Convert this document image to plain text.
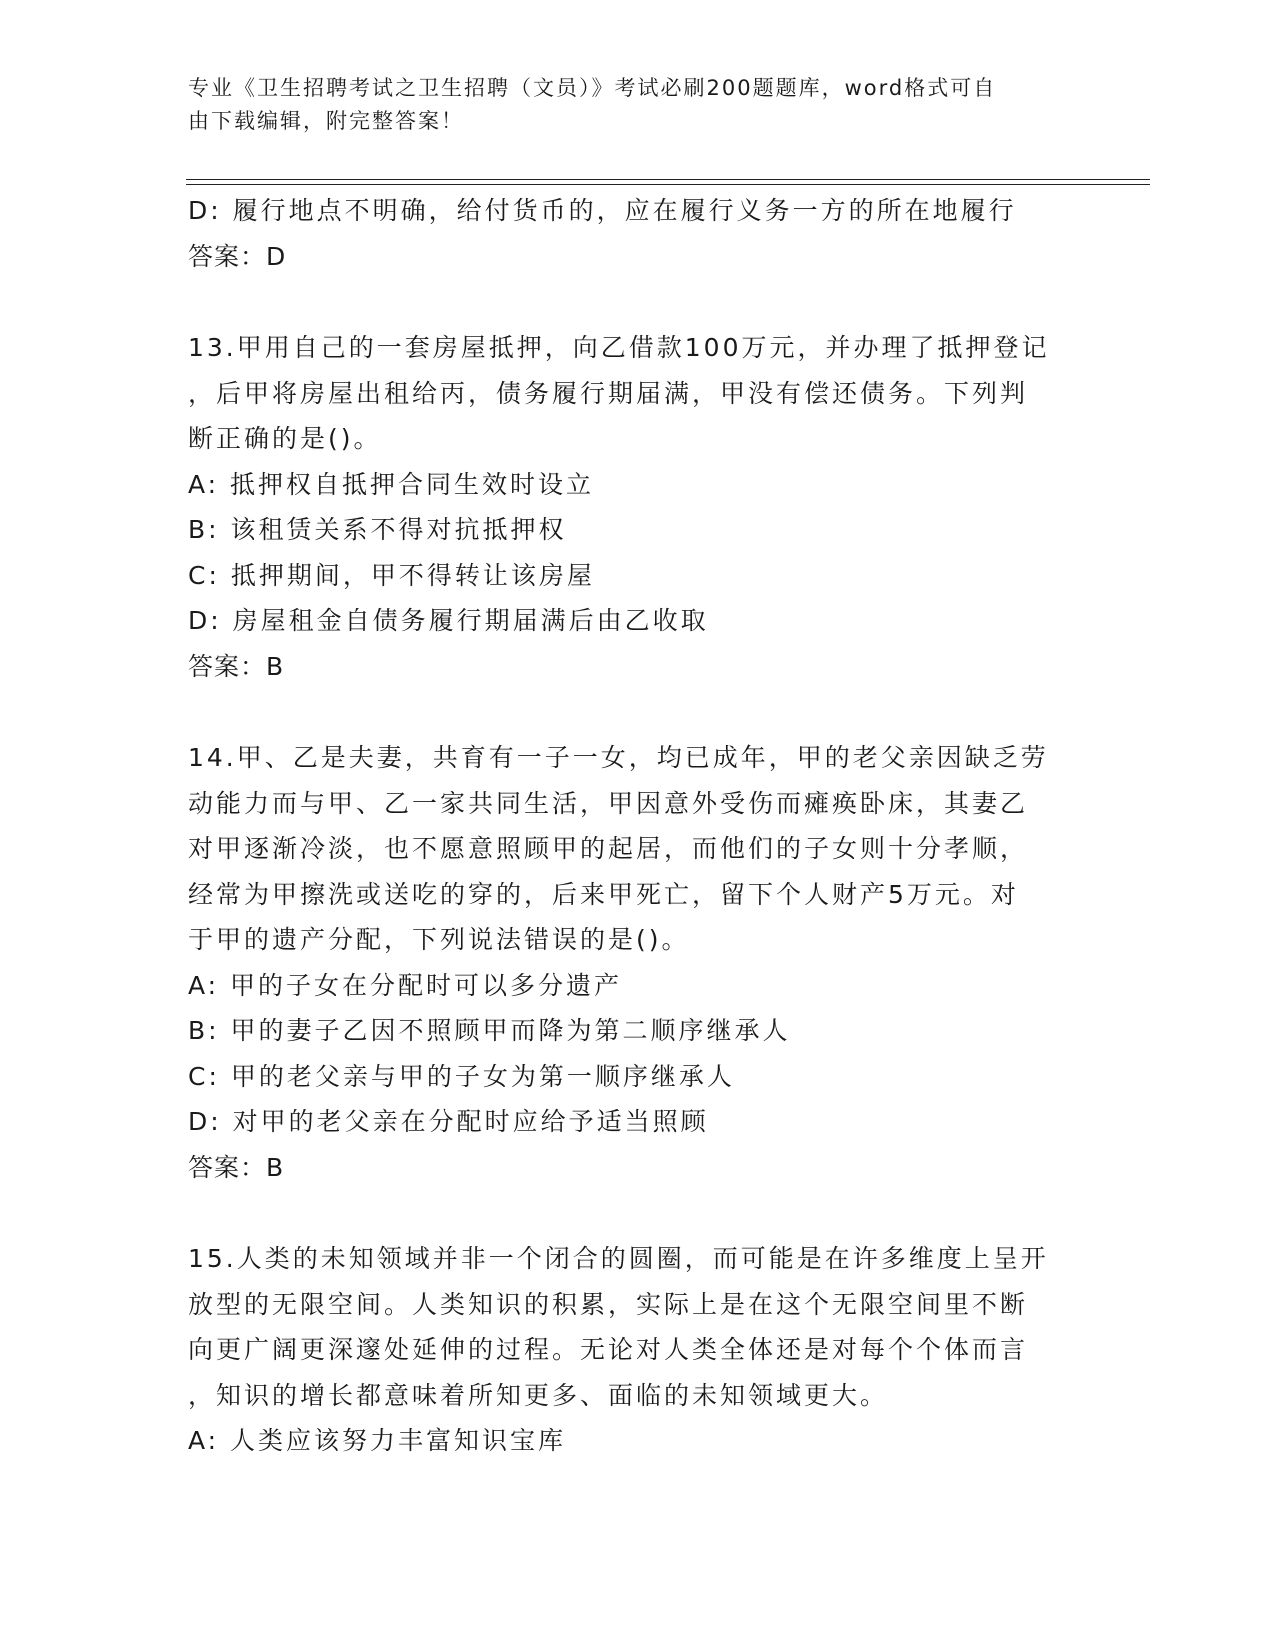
专业《卫生招聘考试之卫生招聘（文员）》考试必刷200题题库，word格式可自
由下载编辑，附完整答案！
D: 履行地点不明确，给付货币的，应在履行义务一方的所在地履行
答案：D
13.甲用自己的一套房屋抵押，向乙借款100万元，并办理了抵押登记
，后甲将房屋出租给丙，债务履行期届满，甲没有偿还债务。下列判
断正确的是()。
A: 抵押权自抵押合同生效时设立
B: 该租赁关系不得对抗抵押权
C: 抵押期间，甲不得转让该房屋
D: 房屋租金自债务履行期届满后由乙收取
答案：B
14.甲、乙是夫妻，共育有一子一女，均已成年，甲的老父亲因缺乏劳
动能力而与甲、乙一家共同生活，甲因意外受伤而瘫痪卧床，其妻乙
对甲逐渐冷淡，也不愿意照顾甲的起居，而他们的子女则十分孝顺，
经常为甲擦洗或送吃的穿的，后来甲死亡，留下个人财产5万元。对
于甲的遗产分配，下列说法错误的是()。
A: 甲的子女在分配时可以多分遗产
B: 甲的妻子乙因不照顾甲而降为第二顺序继承人
C: 甲的老父亲与甲的子女为第一顺序继承人
D: 对甲的老父亲在分配时应给予适当照顾
答案：B
15.人类的未知领域并非一个闭合的圆圈，而可能是在许多维度上呈开
放型的无限空间。人类知识的积累，实际上是在这个无限空间里不断
向更广阔更深邃处延伸的过程。无论对人类全体还是对每个个体而言
，知识的增长都意味着所知更多、面临的未知领域更大。
A: 人类应该努力丰富知识宝库
